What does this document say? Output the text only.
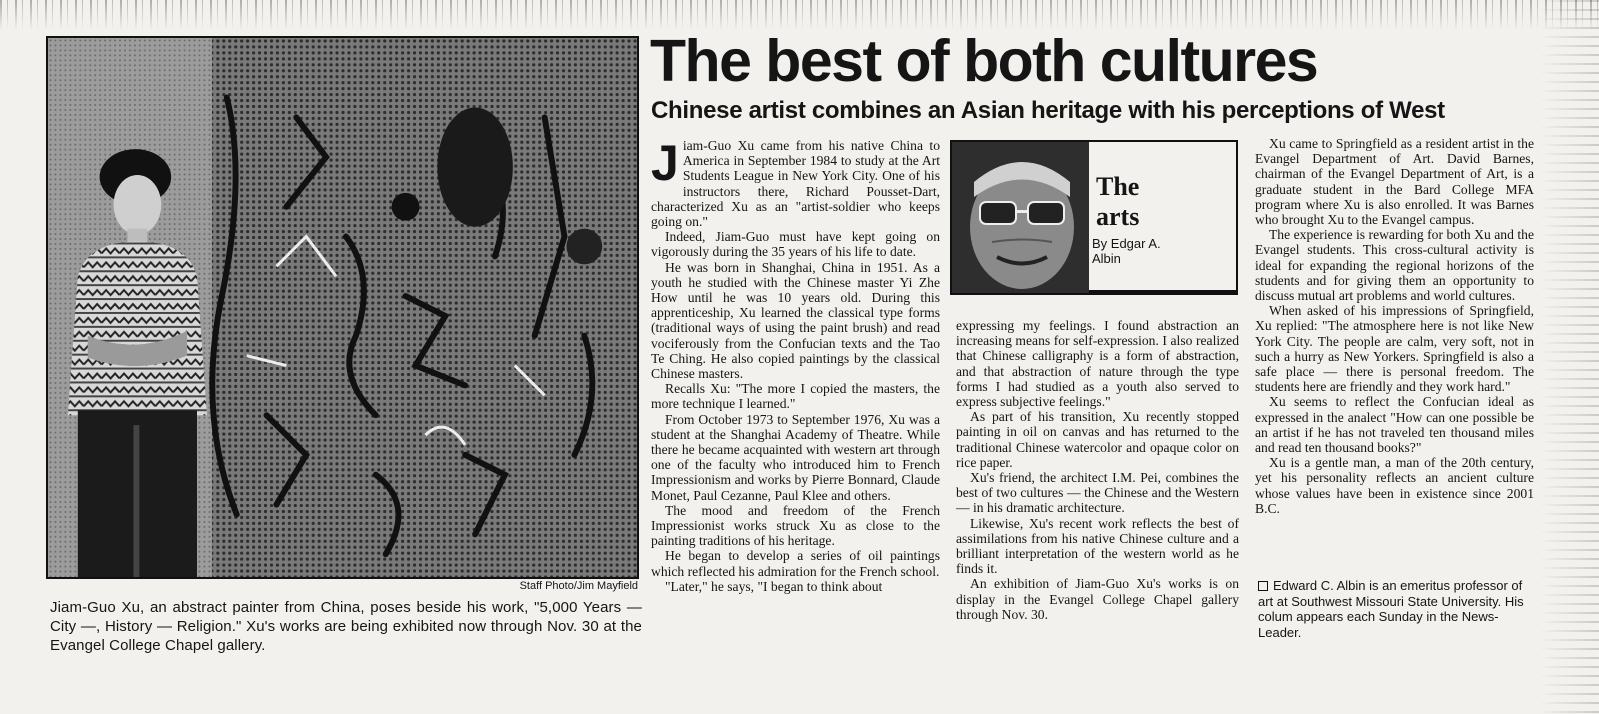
Staff Photo/Jim Mayfield
Jiam-Guo Xu, an abstract painter from China, poses beside his work, "5,000 Years — City —, History — Religion." Xu's works are being exhibited now through Nov. 30 at the Evangel College Chapel gallery.
The best of both cultures
Chinese artist combines an Asian heritage with his perceptions of West

Jiam-Guo Xu came from his native China to America in September 1984 to study at the Art Students League in New York City. One of his instructors there, Richard Pousset-Dart, characterized Xu as an "artist-soldier who keeps going on."

Indeed, Jiam-Guo must have kept going on vigorously during the 35 years of his life to date.

He was born in Shanghai, China in 1951. As a youth he studied with the Chinese master Yi Zhe How until he was 10 years old. During this apprenticeship, Xu learned the classical type forms (traditional ways of using the paint brush) and read vociferously from the Confucian texts and the Tao Te Ching. He also copied paintings by the classical Chinese masters.

Recalls Xu: "The more I copied the masters, the more technique I learned."

From October 1973 to September 1976, Xu was a student at the Shanghai Academy of Theatre. While there he became acquainted with western art through one of the faculty who introduced him to French Impressionism and works by Pierre Bonnard, Claude Monet, Paul Cezanne, Paul Klee and others.

The mood and freedom of the French Impressionist works struck Xu as close to the painting traditions of his heritage.

He began to develop a series of oil paintings which reflected his admiration for the French school.

"Later," he says, "I began to think about

The
arts
By Edgar A.
Albin

expressing my feelings. I found abstraction an increasing means for self-expression. I also realized that Chinese calligraphy is a form of abstraction, and that abstraction of nature through the type forms I had studied as a youth also served to express subjective feelings."

As part of his transition, Xu recently stopped painting in oil on canvas and has returned to the traditional Chinese watercolor and opaque color on rice paper.

Xu's friend, the architect I.M. Pei, combines the best of two cultures — the Chinese and the Western — in his dramatic architecture.

Likewise, Xu's recent work reflects the best of assimilations from his native Chinese culture and a brilliant interpretation of the western world as he finds it.

An exhibition of Jiam-Guo Xu's works is on display in the Evangel College Chapel gallery through Nov. 30.

Xu came to Springfield as a resident artist in the Evangel Department of Art. David Barnes, chairman of the Evangel Department of Art, is a graduate student in the Bard College MFA program where Xu is also enrolled. It was Barnes who brought Xu to the Evangel campus.

The experience is rewarding for both Xu and the Evangel students. This cross-cultural activity is ideal for expanding the regional horizons of the students and for giving them an opportunity to discuss mutual art problems and world cultures.

When asked of his impressions of Springfield, Xu replied: "The atmosphere here is not like New York City. The people are calm, very soft, not in such a hurry as New Yorkers. Springfield is also a safe place — there is personal freedom. The students here are friendly and they work hard."

Xu seems to reflect the Confucian ideal as expressed in the analect "How can one possible be an artist if he has not traveled ten thousand miles and read ten thousand books?"

Xu is a gentle man, a man of the 20th century, yet his personality reflects an ancient culture whose values have been in existence since 2001 B.C.

Edward C. Albin is an emeritus professor of art at Southwest Missouri State University. His colum appears each Sunday in the News-Leader.
